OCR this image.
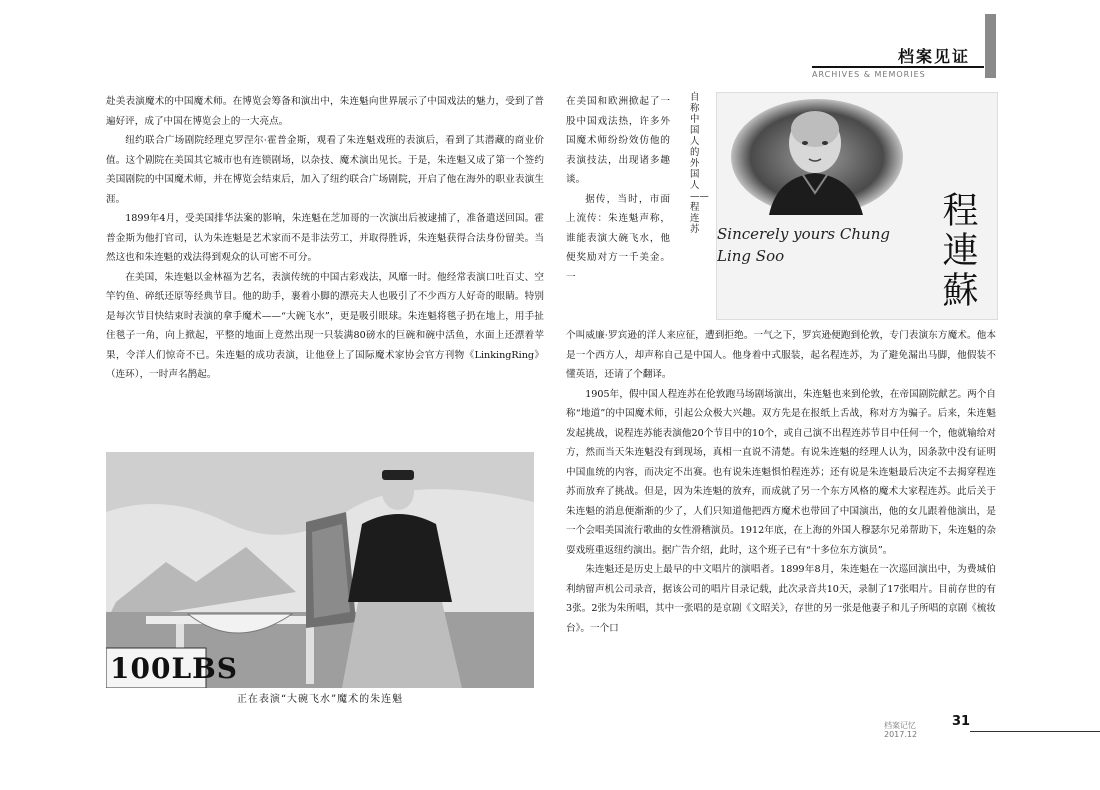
档案见证
ARCHIVES & MEMORIES

赴美表演魔术的中国魔术师。在博览会筹备和演出中，朱连魁向世界展示了中国戏法的魅力，受到了普遍好评，成了中国在博览会上的一大亮点。

纽约联合广场剧院经理克罗涅尔·霍普金斯，观看了朱连魁戏班的表演后，看到了其潜藏的商业价值。这个剧院在美国其它城市也有连锁剧场，以杂技、魔术演出见长。于是，朱连魁又成了第一个签约美国剧院的中国魔术师，并在博览会结束后，加入了纽约联合广场剧院，开启了他在海外的职业表演生涯。

1899年4月，受美国排华法案的影响，朱连魁在芝加哥的一次演出后被逮捕了，准备遣送回国。霍普金斯为他打官司，认为朱连魁是艺术家而不是非法劳工，并取得胜诉，朱连魁获得合法身份留美。当然这也和朱连魁的戏法得到观众的认可密不可分。

在美国，朱连魁以金林福为艺名，表演传统的中国古彩戏法，风靡一时。他经常表演口吐百丈、空竿钓鱼、碎纸还原等经典节目。他的助手，裹着小脚的漂亮夫人也吸引了不少西方人好奇的眼睛。特别是每次节目快结束时表演的拿手魔术——“大碗飞水”，更是吸引眼球。朱连魁将毯子扔在地上，用手扯住毯子一角，向上掀起，平整的地面上竟然出现一只装满80磅水的巨碗和碗中活鱼，水面上还漂着苹果，令洋人们惊奇不已。朱连魁的成功表演，让他登上了国际魔术家协会官方刊物《LinkingRing》（连环），一时声名鹊起。

在美国和欧洲掀起了一股中国戏法热，许多外国魔术师纷纷效仿他的表演技法，出现诸多趣谈。

据传，当时，市面上流传：朱连魁声称，谁能表演大碗飞水，他便奖励对方一千美金。一

自称中国人的外国人——程连苏	Sincerely yours Chung Ling Soo	程連蘇

个叫威廉·罗宾逊的洋人来应征，遭到拒绝。一气之下，罗宾逊便跑到伦敦，专门表演东方魔术。他本是一个西方人，却声称自己是中国人。他身着中式服装，起名程连苏，为了避免漏出马脚，他假装不懂英语，还请了个翻译。

1905年，假中国人程连苏在伦敦跑马场剧场演出，朱连魁也来到伦敦，在帝国剧院献艺。两个自称“地道”的中国魔术师，引起公众极大兴趣。双方先是在报纸上舌战，称对方为骗子。后来，朱连魁发起挑战，说程连苏能表演他20个节目中的10个，或自己演不出程连苏节目中任何一个，他就输给对方，然而当天朱连魁没有到现场，真相一直说不清楚。有说朱连魁的经理人认为，因条款中没有证明中国血统的内容，而决定不出赛。也有说朱连魁惧怕程连苏；还有说是朱连魁最后决定不去揭穿程连苏而放弃了挑战。但是，因为朱连魁的放弃，而成就了另一个东方风格的魔术大家程连苏。此后关于朱连魁的消息便渐渐的少了，人们只知道他把西方魔术也带回了中国演出，他的女儿跟着他演出，是一个会唱美国流行歌曲的女性滑稽演员。1912年底，在上海的外国人穆瑟尔兄弟帮助下，朱连魁的杂耍戏班重返纽约演出。据广告介绍，此时，这个班子已有“十多位东方演员”。

朱连魁还是历史上最早的中文唱片的演唱者。1899年8月，朱连魁在一次巡回演出中，为费城伯利纳留声机公司录音，据该公司的唱片目录记载，此次录音共10天，录制了17张唱片。目前存世的有3张。2张为朱所唱，其中一张唱的是京剧《文昭关》，存世的另一张是他妻子和儿子所唱的京剧《梳妆台》。一个口

100LBS
正在表演“大碗飞水”魔术的朱连魁
档案记忆	31
2017.12
